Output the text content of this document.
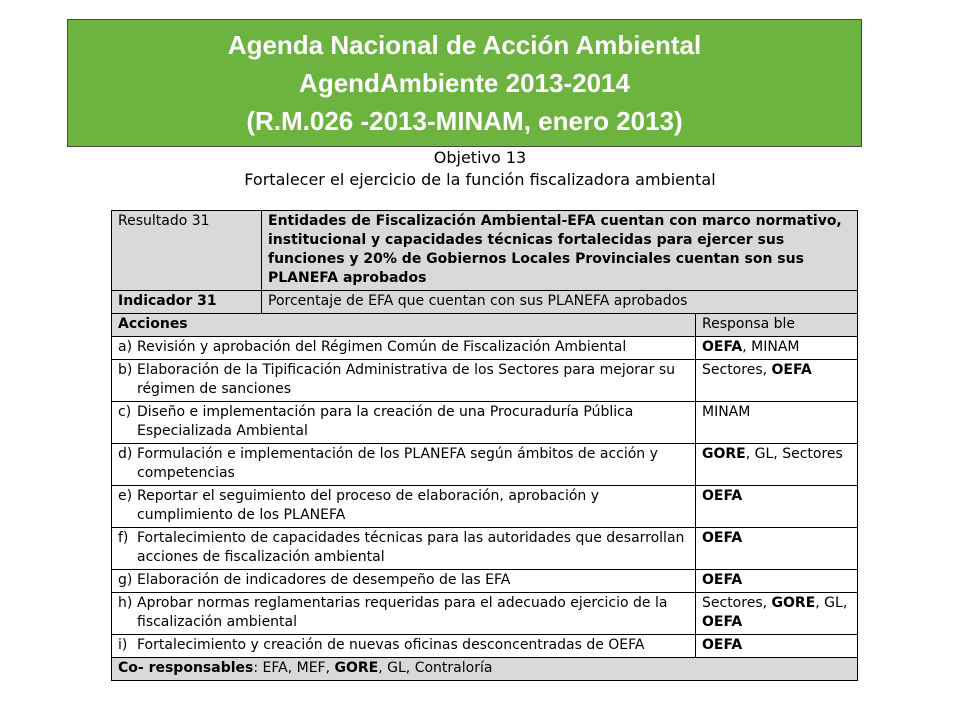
Agenda Nacional de Acción Ambiental
AgendAmbiente 2013-2014
(R.M.026 -2013-MINAM, enero 2013)
Objetivo 13
Fortalecer el ejercicio de la función fiscalizadora ambiental
Resultado 31	Entidades de Fiscalización Ambiental-EFA cuentan con marco normativo, institucional y capacidades técnicas fortalecidas para ejercer sus funciones y 20% de Gobiernos Locales Provinciales cuentan son sus PLANEFA aprobados	
Indicador 31	Porcentaje de EFA que cuentan con sus PLANEFA aprobados	
Acciones		Responsa ble
a) Revisión y aprobación del Régimen Común de Fiscalización Ambiental		OEFA, MINAM
b) Elaboración de la Tipificación Administrativa de los Sectores para mejorar su régimen de sanciones		Sectores, OEFA
c) Diseño e implementación para la creación de una Procuraduría Pública Especializada Ambiental		MINAM
d) Formulación e implementación de los PLANEFA según ámbitos de acción y competencias		GORE, GL, Sectores
e) Reportar el seguimiento del proceso de elaboración, aprobación y cumplimiento de los PLANEFA		OEFA
f) Fortalecimiento de capacidades técnicas para las autoridades que desarrollan acciones de fiscalización ambiental		OEFA
g) Elaboración de indicadores de desempeño de las EFA		OEFA
h) Aprobar normas reglamentarias requeridas para el adecuado ejercicio de la fiscalización ambiental		Sectores, GORE, GL, OEFA
i) Fortalecimiento y creación de nuevas oficinas desconcentradas de OEFA		OEFA
Co- responsables: EFA, MEF, GORE, GL, Contraloría		
